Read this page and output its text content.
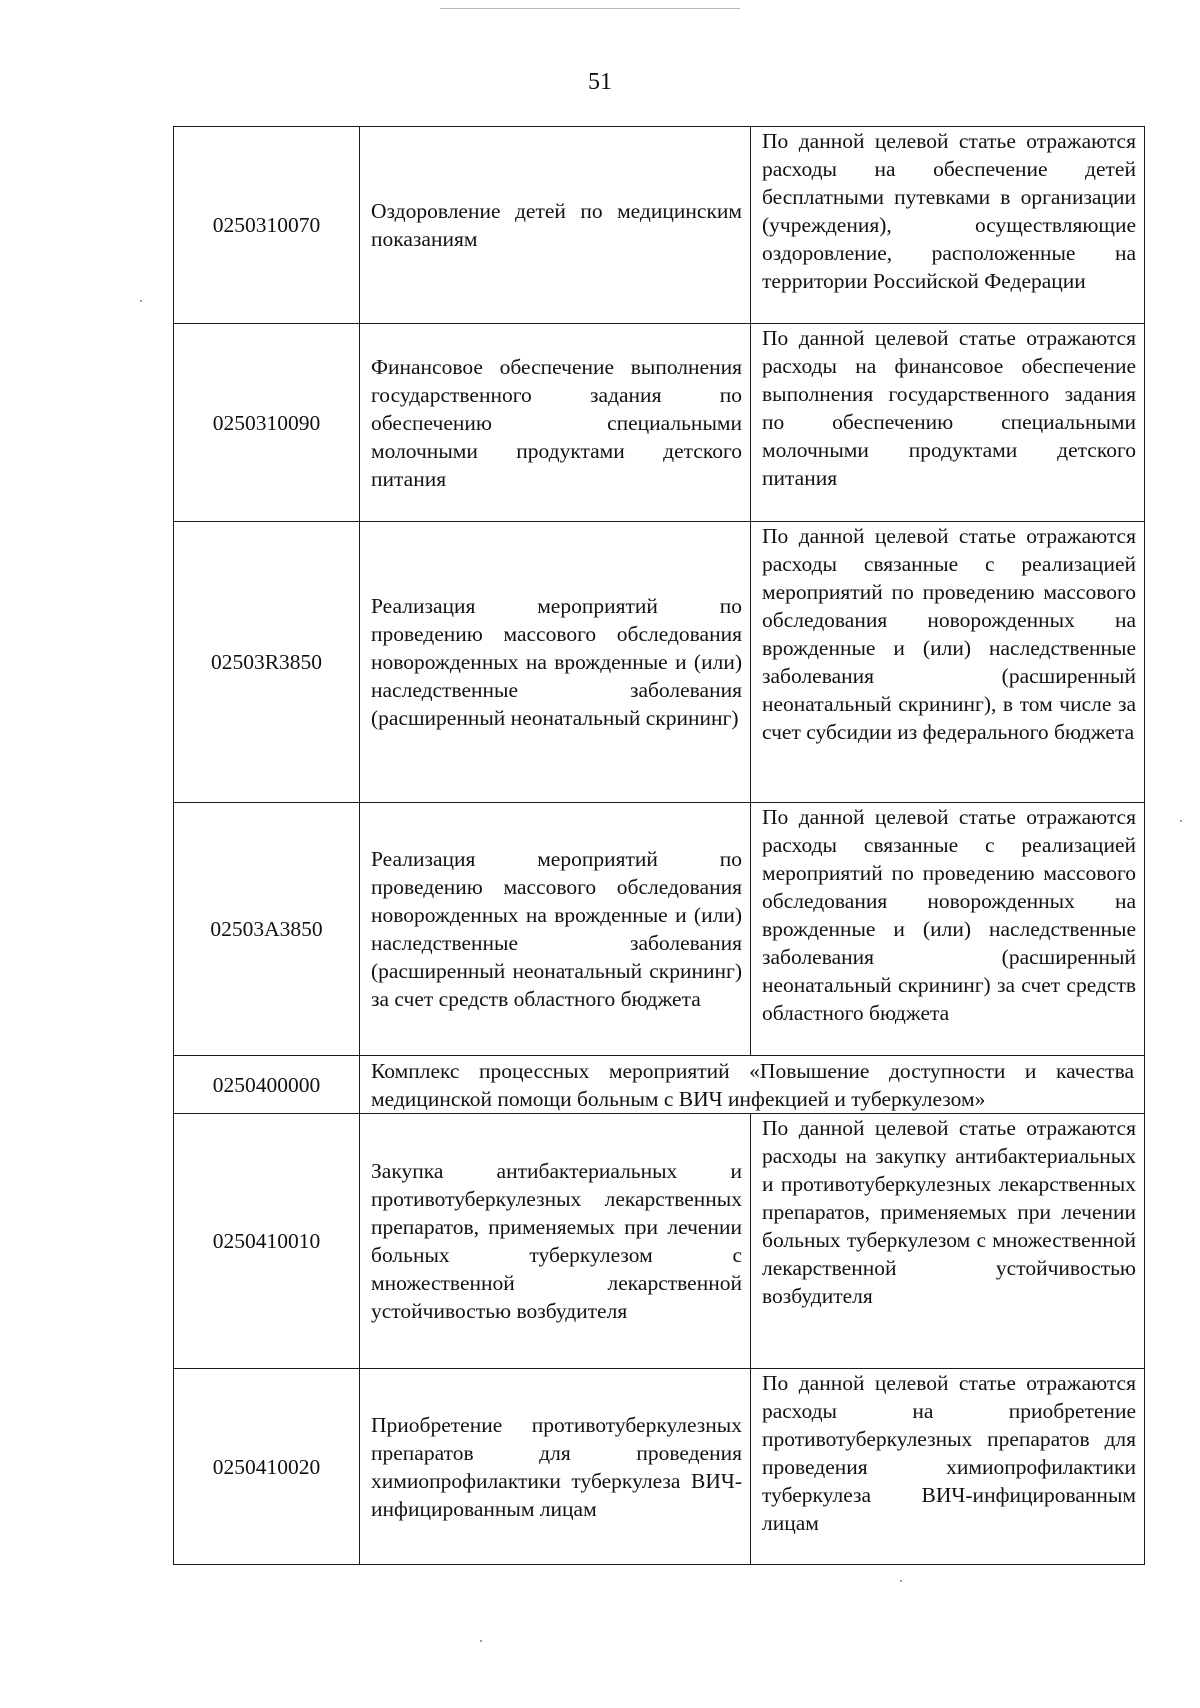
51
0250310070	Оздоровление детей по медицинским показаниям	По данной целевой статье отражаются расходы на обеспечение детей бесплатными путевками в организации (учреждения), осуществляющие оздоровление, расположенные на территории Российской Федерации
0250310090	Финансовое обеспечение выполнения государственного задания по обеспечению специальными молочными продуктами детского питания	По данной целевой статье отражаются расходы на финансовое обеспечение выполнения государственного задания по обеспечению специальными молочными продуктами детского питания
02503R3850	Реализация мероприятий по проведению массового обследования новорожденных на врожденные и (или) наследственные заболевания (расширенный неонатальный скрининг)	По данной целевой статье отражаются расходы связанные с реализацией мероприятий по проведению массового обследования новорожденных на врожденные и (или) наследственные заболевания (расширенный неонатальный скрининг), в том числе за счет субсидии из федерального бюджета
02503A3850	Реализация мероприятий по проведению массового обследования новорожденных на врожденные и (или) наследственные заболевания (расширенный неонатальный скрининг) за счет средств областного бюджета	По данной целевой статье отражаются расходы связанные с реализацией мероприятий по проведению массового обследования новорожденных на врожденные и (или) наследственные заболевания (расширенный неонатальный скрининг) за счет средств областного бюджета
0250400000	Комплекс процессных мероприятий «Повышение доступности и качества медицинской помощи больным с ВИЧ инфекцией и туберкулезом»	
0250410010	Закупка антибактериальных и противотуберкулезных лекарственных препаратов, применяемых при лечении больных туберкулезом с множественной лекарственной устойчивостью возбудителя	По данной целевой статье отражаются расходы на закупку антибактериальных и противотуберкулезных лекарственных препаратов, применяемых при лечении больных туберкулезом с множественной лекарственной устойчивостью возбудителя
0250410020	Приобретение противотуберкулезных препаратов для проведения химиопрофилактики туберкулеза ВИЧ-инфицированным лицам	По данной целевой статье отражаются расходы на приобретение противотуберкулезных препаратов для проведения химиопрофилактики туберкулеза ВИЧ-инфицированным лицам
